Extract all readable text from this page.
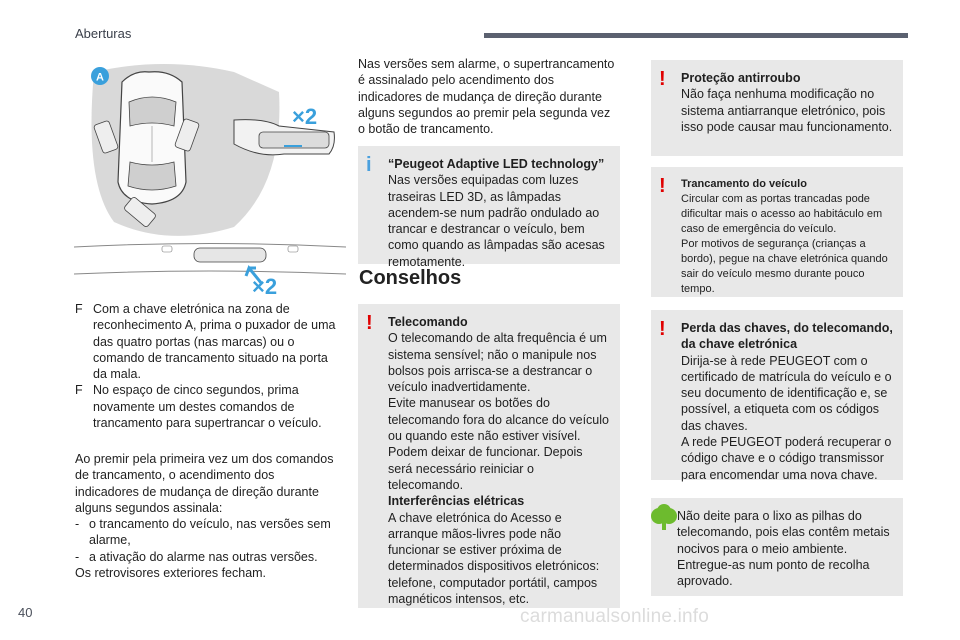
Aberturas
A
×2
×2
F Com a chave eletrónica na zona de reconhecimento A, prima o puxador de uma das quatro portas (nas marcas) ou o comando de trancamento situado na porta da mala.
F No espaço de cinco segundos, prima novamente um destes comandos de trancamento para supertrancar o veículo.
Ao premir pela primeira vez um dos comandos de trancamento, o acendimento dos indicadores de mudança de direção durante alguns segundos assinala:
- o trancamento do veículo, nas versões sem alarme,
- a ativação do alarme nas outras versões.
Os retrovisores exteriores fecham.
Nas versões sem alarme, o supertrancamento é assinalado pelo acendimento dos indicadores de mudança de direção durante alguns segundos ao premir pela segunda vez o botão de trancamento.
i “Peugeot Adaptive LED technology”
Nas versões equipadas com luzes traseiras LED 3D, as lâmpadas acendem-se num padrão ondulado ao trancar e destrancar o veículo, bem como quando as lâmpadas são acesas remotamente.
Conselhos
! Telecomando
O telecomando de alta frequência é um sistema sensível; não o manipule nos bolsos pois arrisca-se a destrancar o veículo inadvertidamente.
Evite manusear os botões do telecomando fora do alcance do veículo ou quando este não estiver visível. Podem deixar de funcionar. Depois será necessário reiniciar o telecomando.
Interferências elétricas
A chave eletrónica do Acesso e arranque mãos-livres pode não funcionar se estiver próxima de determinados dispositivos eletrónicos: telefone, computador portátil, campos magnéticos intensos, etc.
! Proteção antirroubo
Não faça nenhuma modificação no sistema antiarranque eletrónico, pois isso pode causar mau funcionamento.
! Trancamento do veículo
Circular com as portas trancadas pode dificultar mais o acesso ao habitáculo em caso de emergência do veículo.
Por motivos de segurança (crianças a bordo), pegue na chave eletrónica quando sair do veículo mesmo durante pouco tempo.
! Perda das chaves, do telecomando, da chave eletrónica
Dirija-se à rede PEUGEOT com o certificado de matrícula do veículo e o seu documento de identificação e, se possível, a etiqueta com os códigos das chaves.
A rede PEUGEOT poderá recuperar o código chave e o código transmissor para encomendar uma nova chave.
Não deite para o lixo as pilhas do telecomando, pois elas contêm metais nocivos para o meio ambiente. Entregue-as num ponto de recolha aprovado.
40	carmanualsonline.info
